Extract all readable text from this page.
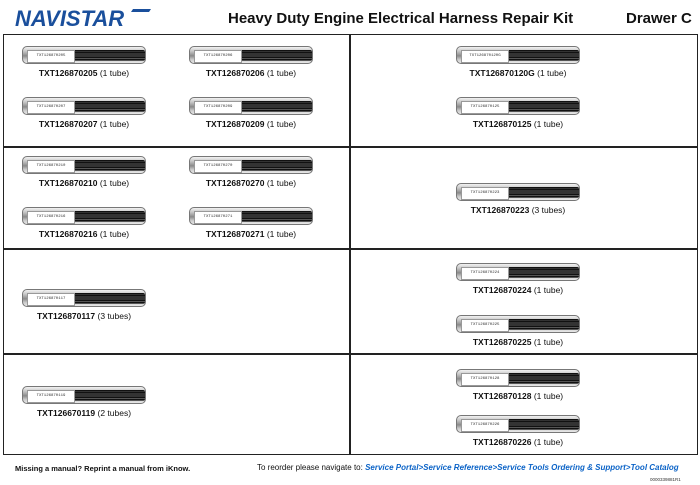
NAVISTAR	Heavy Duty Engine Electrical Harness Repair Kit	Drawer C
TXT126870205
TXT126870205 (1 tube)
TXT126870206
TXT126870206 (1 tube)
TXT126870207
TXT126870207 (1 tube)
TXT126870209
TXT126870209 (1 tube)
TXT126870120G
TXT126870120G (1 tube)
TXT126870125
TXT126870125 (1 tube)
TXT126870210
TXT126870210 (1 tube)
TXT126870270
TXT126870270 (1 tube)
TXT126870216
TXT126870216 (1 tube)
TXT126870271
TXT126870271 (1 tube)
TXT126870223
TXT126870223 (3 tubes)
TXT126870117
TXT126870117 (3 tubes)
TXT126870224
TXT126870224 (1 tube)
TXT126870225
TXT126870225 (1 tube)
TXT126870119
TXT126670119 (2 tubes)
TXT126870128
TXT126870128 (1 tube)
TXT126870226
TXT126870226 (1 tube)
Missing a manual? Reprint a manual from iKnow.	To reorder please navigate to: Service Portal>Service Reference>Service Tools Ordering & Support>Tool Catalog
0000339881R1
